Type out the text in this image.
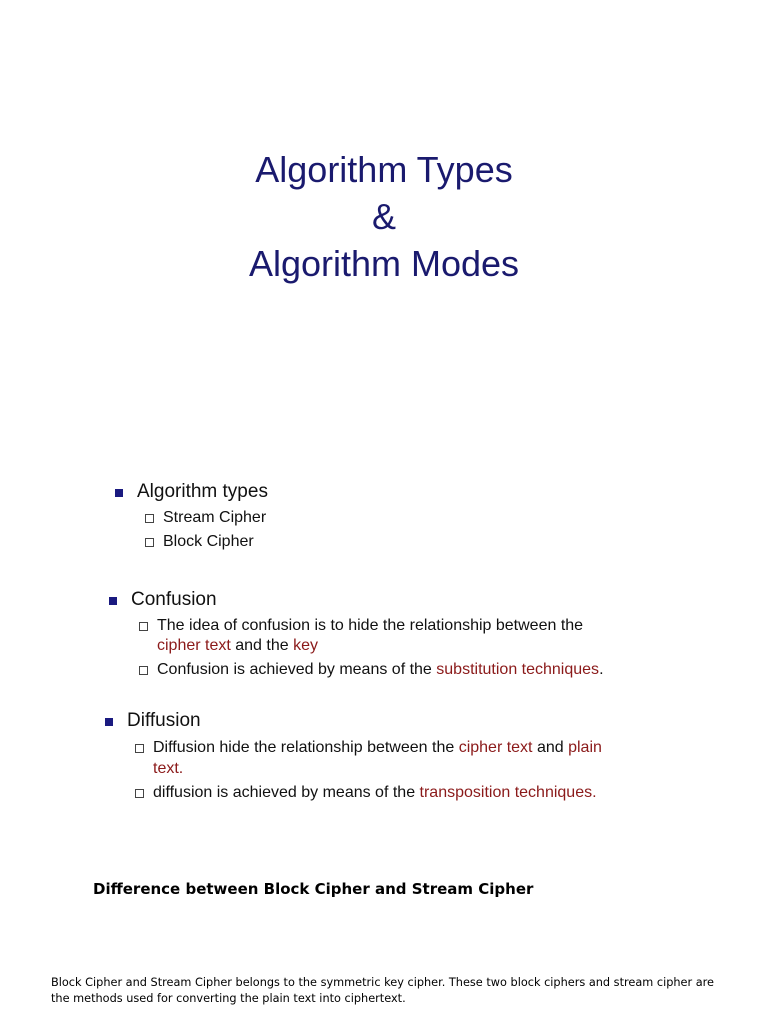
Algorithm Types
&
Algorithm Modes
Algorithm types
Stream Cipher
Block Cipher
Confusion
The idea of confusion is to hide the relationship between the
cipher text and the key
Confusion is achieved by means of the substitution techniques.
Diffusion
Diffusion hide the relationship between the cipher text and plain
text.
diffusion is achieved by means of the transposition techniques.
Difference between Block Cipher and Stream Cipher
Block Cipher and Stream Cipher belongs to the symmetric key cipher. These two block ciphers and stream cipher are the methods used for converting the plain text into ciphertext.
